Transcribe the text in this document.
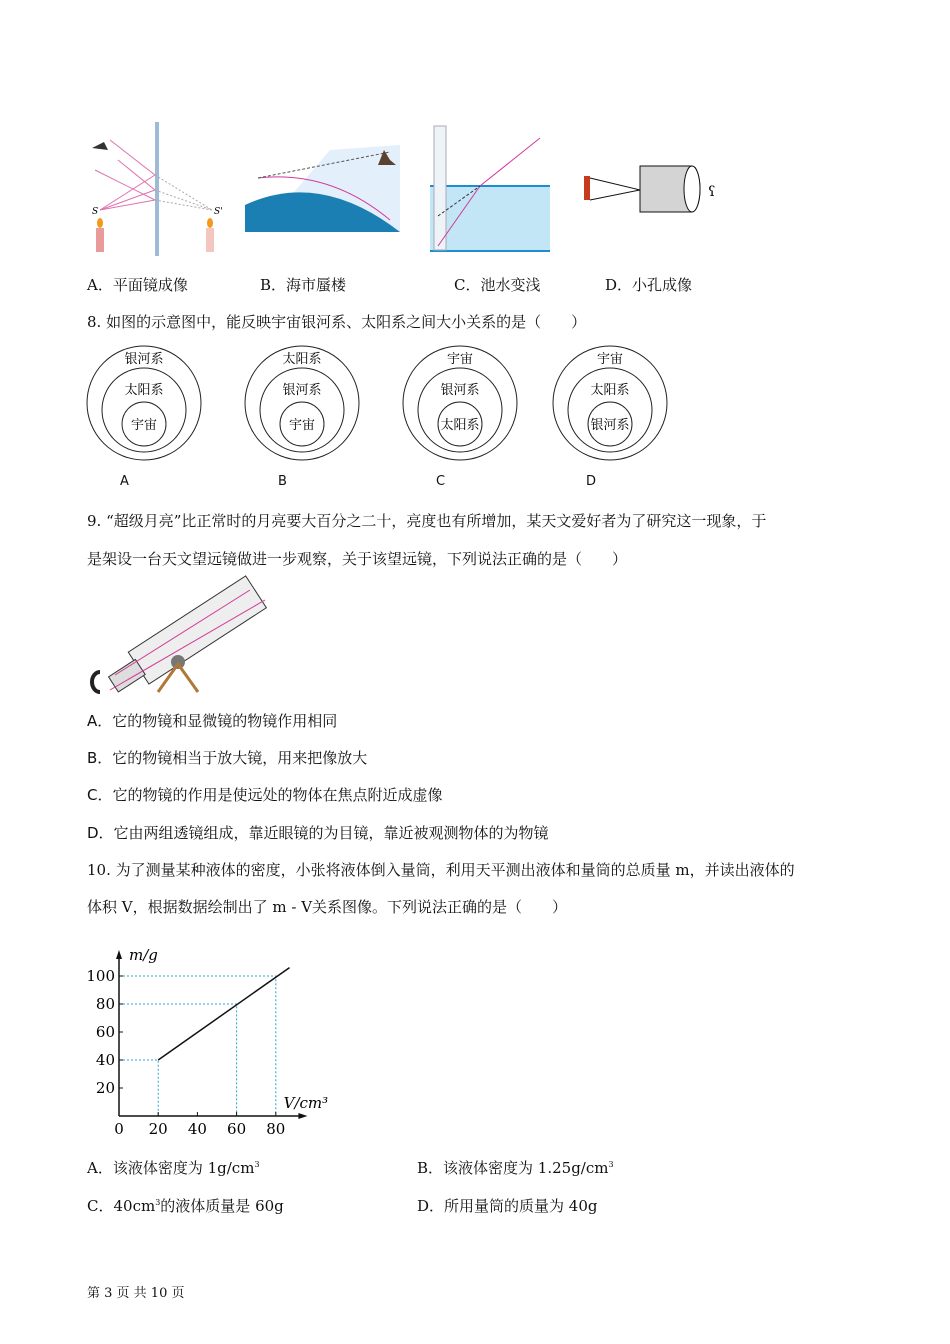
S	S'
ʕ
A．平面镜成像	B．海市蜃楼	C．池水变浅	D．小孔成像
8. 如图的示意图中，能反映宇宙银河系、太阳系之间大小关系的是（　　）
银河系
太阳系
宇宙
A
太阳系
银河系
宇宙
B
宇宙
银河系
太阳系
C
宇宙
太阳系
银河系
D
9. “超级月亮”比正常时的月亮要大百分之二十，亮度也有所增加，某天文爱好者为了研究这一现象，于
是架设一台天文望远镜做进一步观察，关于该望远镜，下列说法正确的是（　　）
A．它的物镜和显微镜的物镜作用相同
B．它的物镜相当于放大镜，用来把像放大
C．它的物镜的作用是使远处的物体在焦点附近成虚像
D．它由两组透镜组成，靠近眼镜的为目镜，靠近被观测物体的为物镜
10. 为了测量某种液体的密度，小张将液体倒入量筒，利用天平测出液体和量筒的总质量 m，并读出液体的
体积 V，根据数据绘制出了 m - V关系图像。下列说法正确的是（　　）
0 20 40 60 80
20
40
60
80
100
m/g
V/cm³
A．该液体密度为 $1g/cm^3$	B．该液体密度为 $1.25g/cm^3$
C．$40cm^3$的液体质量是 60g	D．所用量筒的质量为 40g
第 3 页 共 10 页
